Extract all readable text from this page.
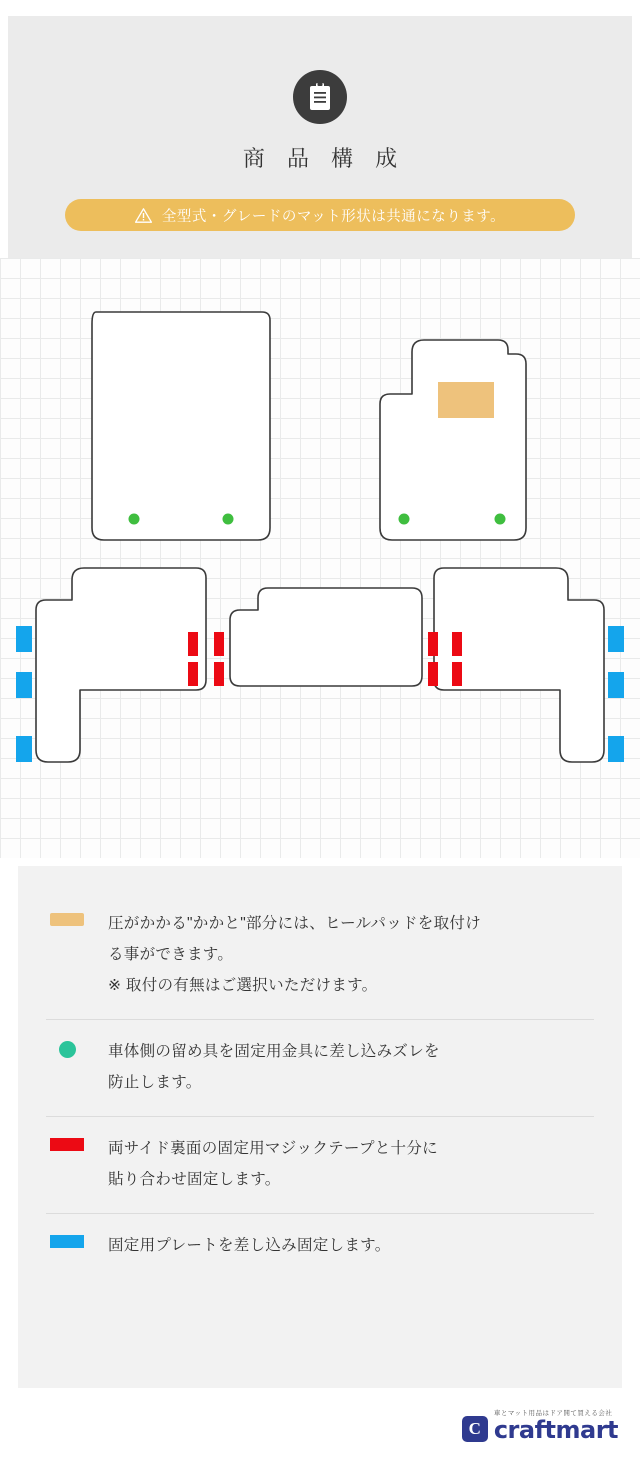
商 品 構 成
全型式・グレードのマット形状は共通になります。
圧がかかる"かかと"部分には、ヒールパッドを取付け
る事ができます。
※ 取付の有無はご選択いただけます。
車体側の留め具を固定用金具に差し込みズレを
防止します。
両サイド裏面の固定用マジックテープと十分に
貼り合わせ固定します。
固定用プレートを差し込み固定します。
C
車とマット用品はドア開て買える会社
craftmart
